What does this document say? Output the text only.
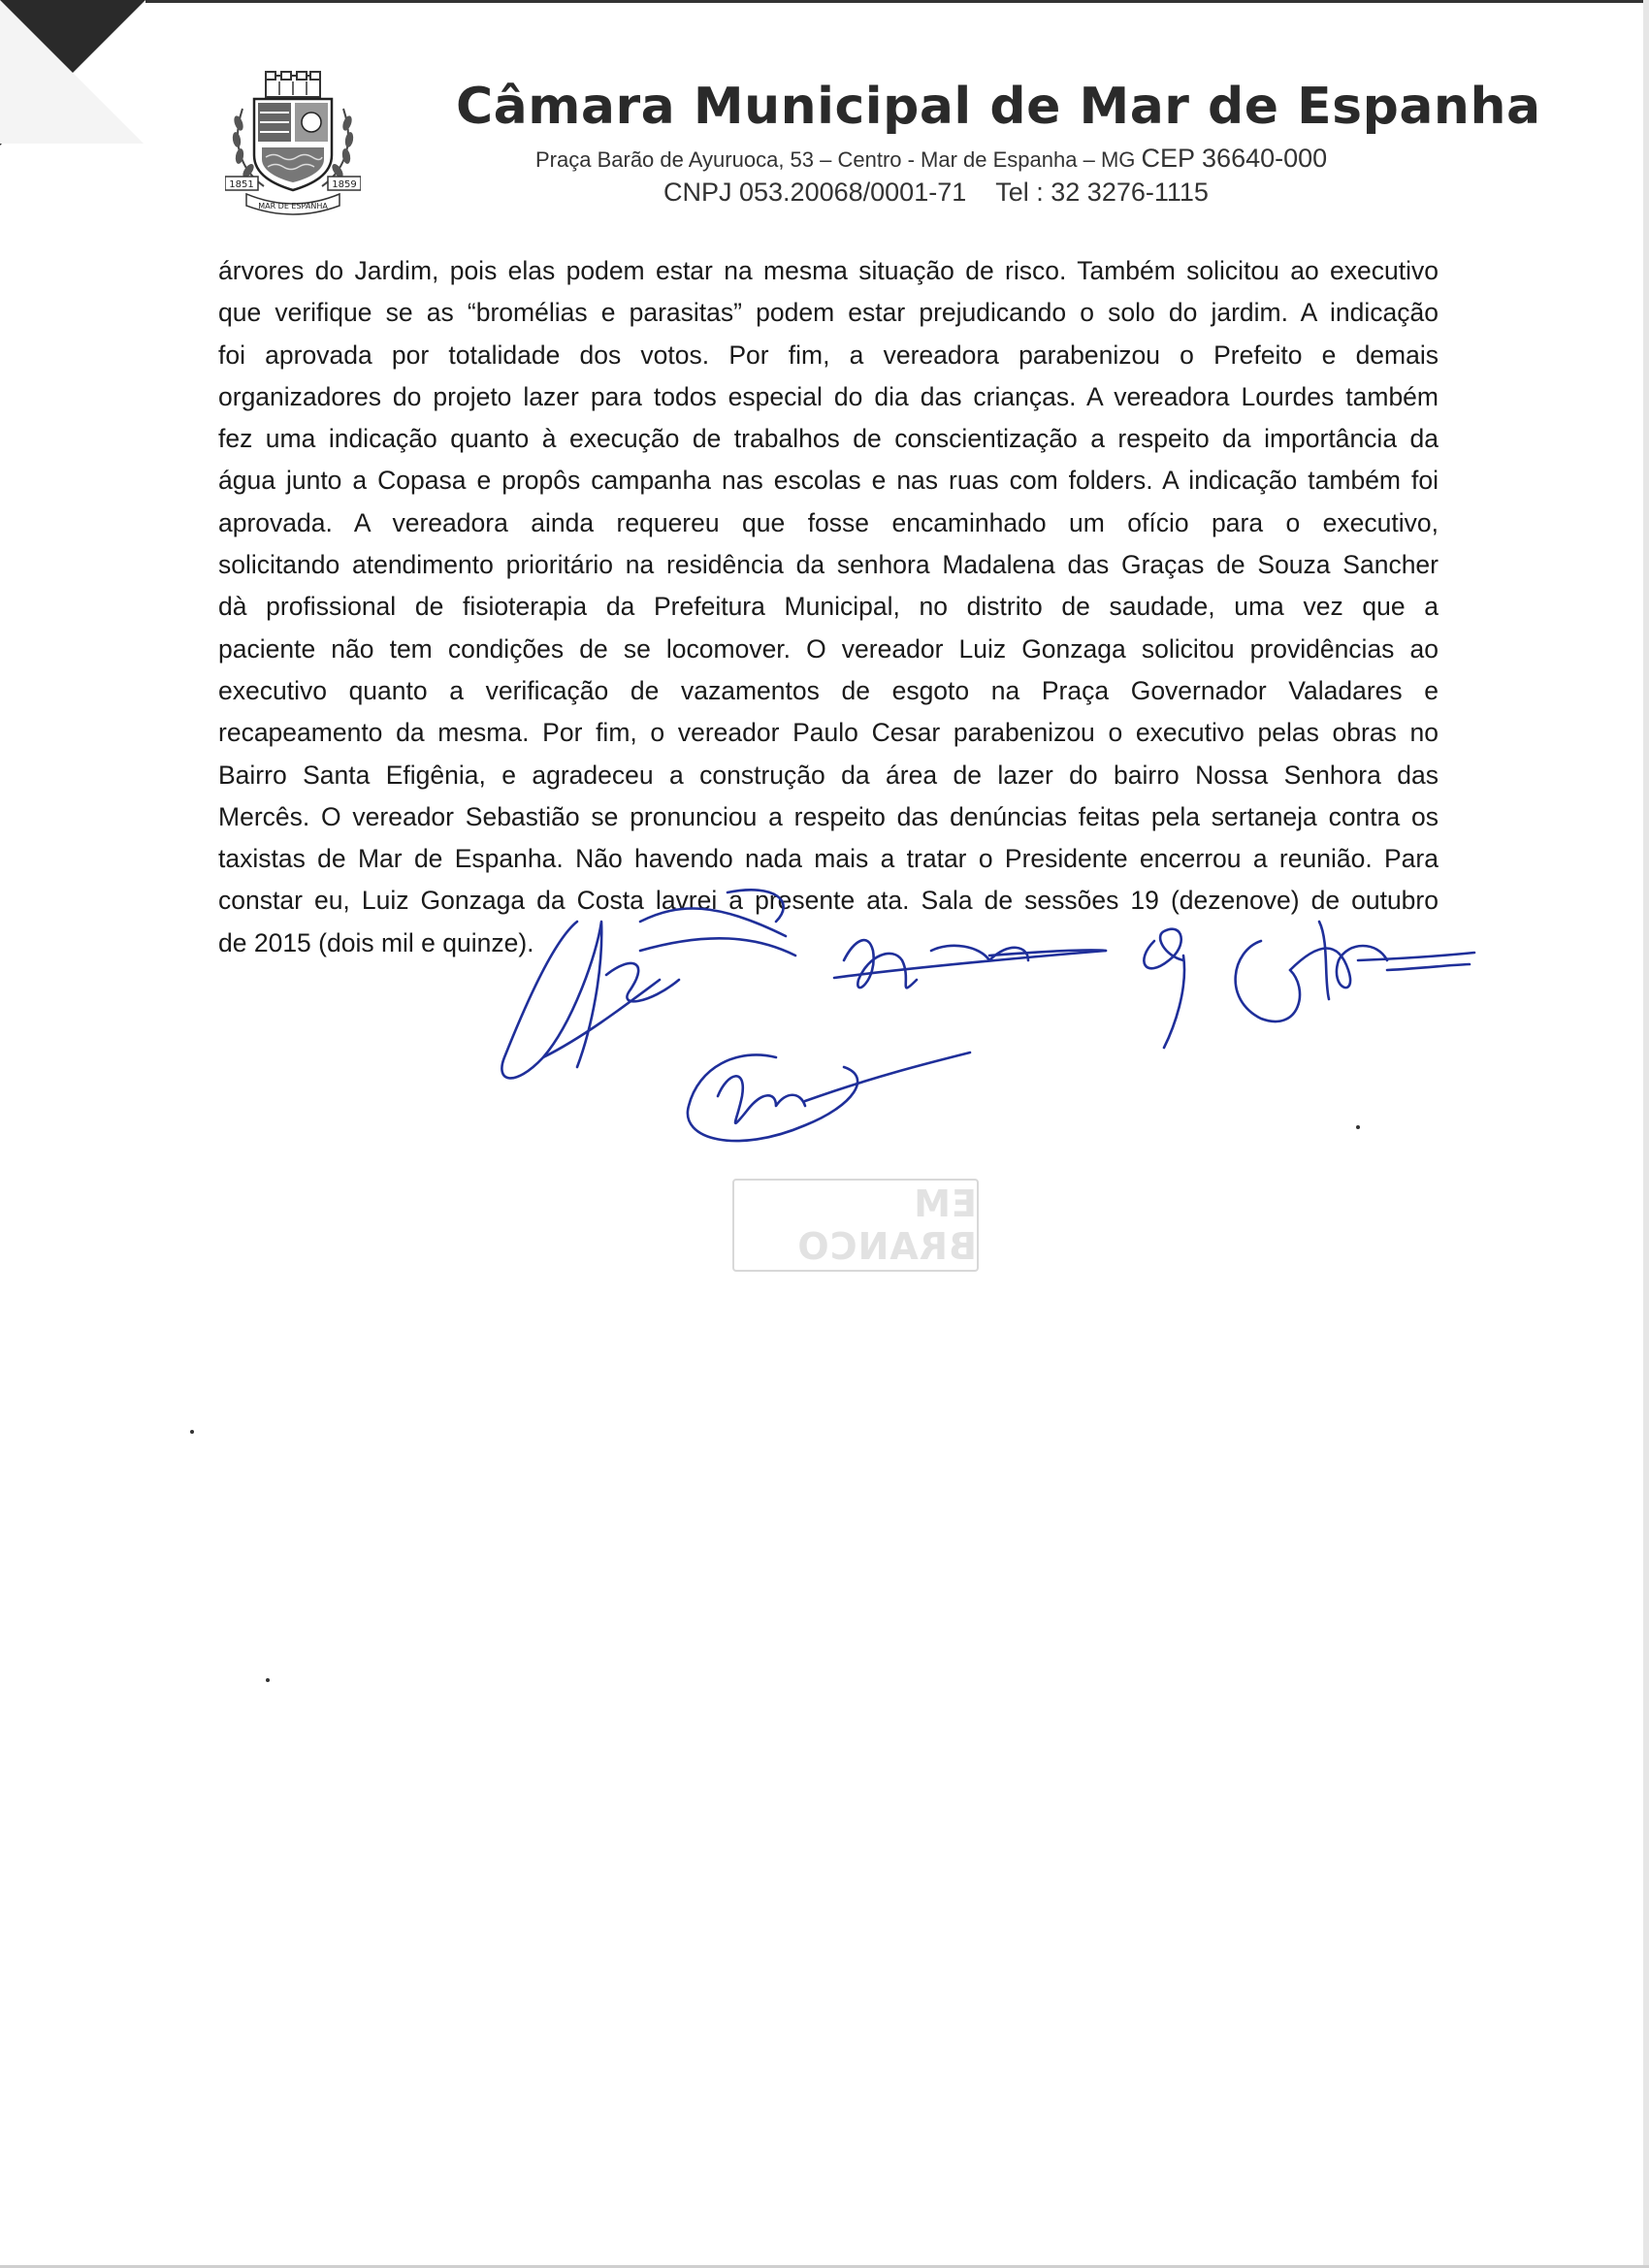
1851	1859
MAR DE ESPANHA
Câmara Municipal de Mar de Espanha
Praça Barão de Ayuruoca, 53 – Centro - Mar de Espanha – MG CEP 36640-000
CNPJ 053.20068/0001-71 Tel : 32 3276-1115
árvores do Jardim, pois elas podem estar na mesma situação de risco. Também solicitou ao executivo
que verifique se as “bromélias e parasitas” podem estar prejudicando o solo do jardim. A indicação
foi aprovada por totalidade dos votos. Por fim, a vereadora parabenizou o Prefeito e demais
organizadores do projeto lazer para todos especial do dia das crianças. A vereadora Lourdes também
fez uma indicação quanto à execução de trabalhos de conscientização a respeito da importância da
água junto a Copasa e propôs campanha nas escolas e nas ruas com folders. A indicação também foi
aprovada. A vereadora ainda requereu que fosse encaminhado um ofício para o executivo,
solicitando atendimento prioritário na residência da senhora Madalena das Graças de Souza Sancher
dà profissional de fisioterapia da Prefeitura Municipal, no distrito de saudade, uma vez que a
paciente não tem condições de se locomover. O vereador Luiz Gonzaga solicitou providências ao
executivo quanto a verificação de vazamentos de esgoto na Praça Governador Valadares e
recapeamento da mesma. Por fim, o vereador Paulo Cesar parabenizou o executivo pelas obras no
Bairro Santa Efigênia, e agradeceu a construção da área de lazer do bairro Nossa Senhora das
Mercês. O vereador Sebastião se pronunciou a respeito das denúncias feitas pela sertaneja contra os
taxistas de Mar de Espanha. Não havendo nada mais a tratar o Presidente encerrou a reunião. Para
constar eu, Luiz Gonzaga da Costa lavrei a presente ata. Sala de sessões 19 (dezenove) de outubro
de 2015 (dois mil e quinze).
EM BRANCO
